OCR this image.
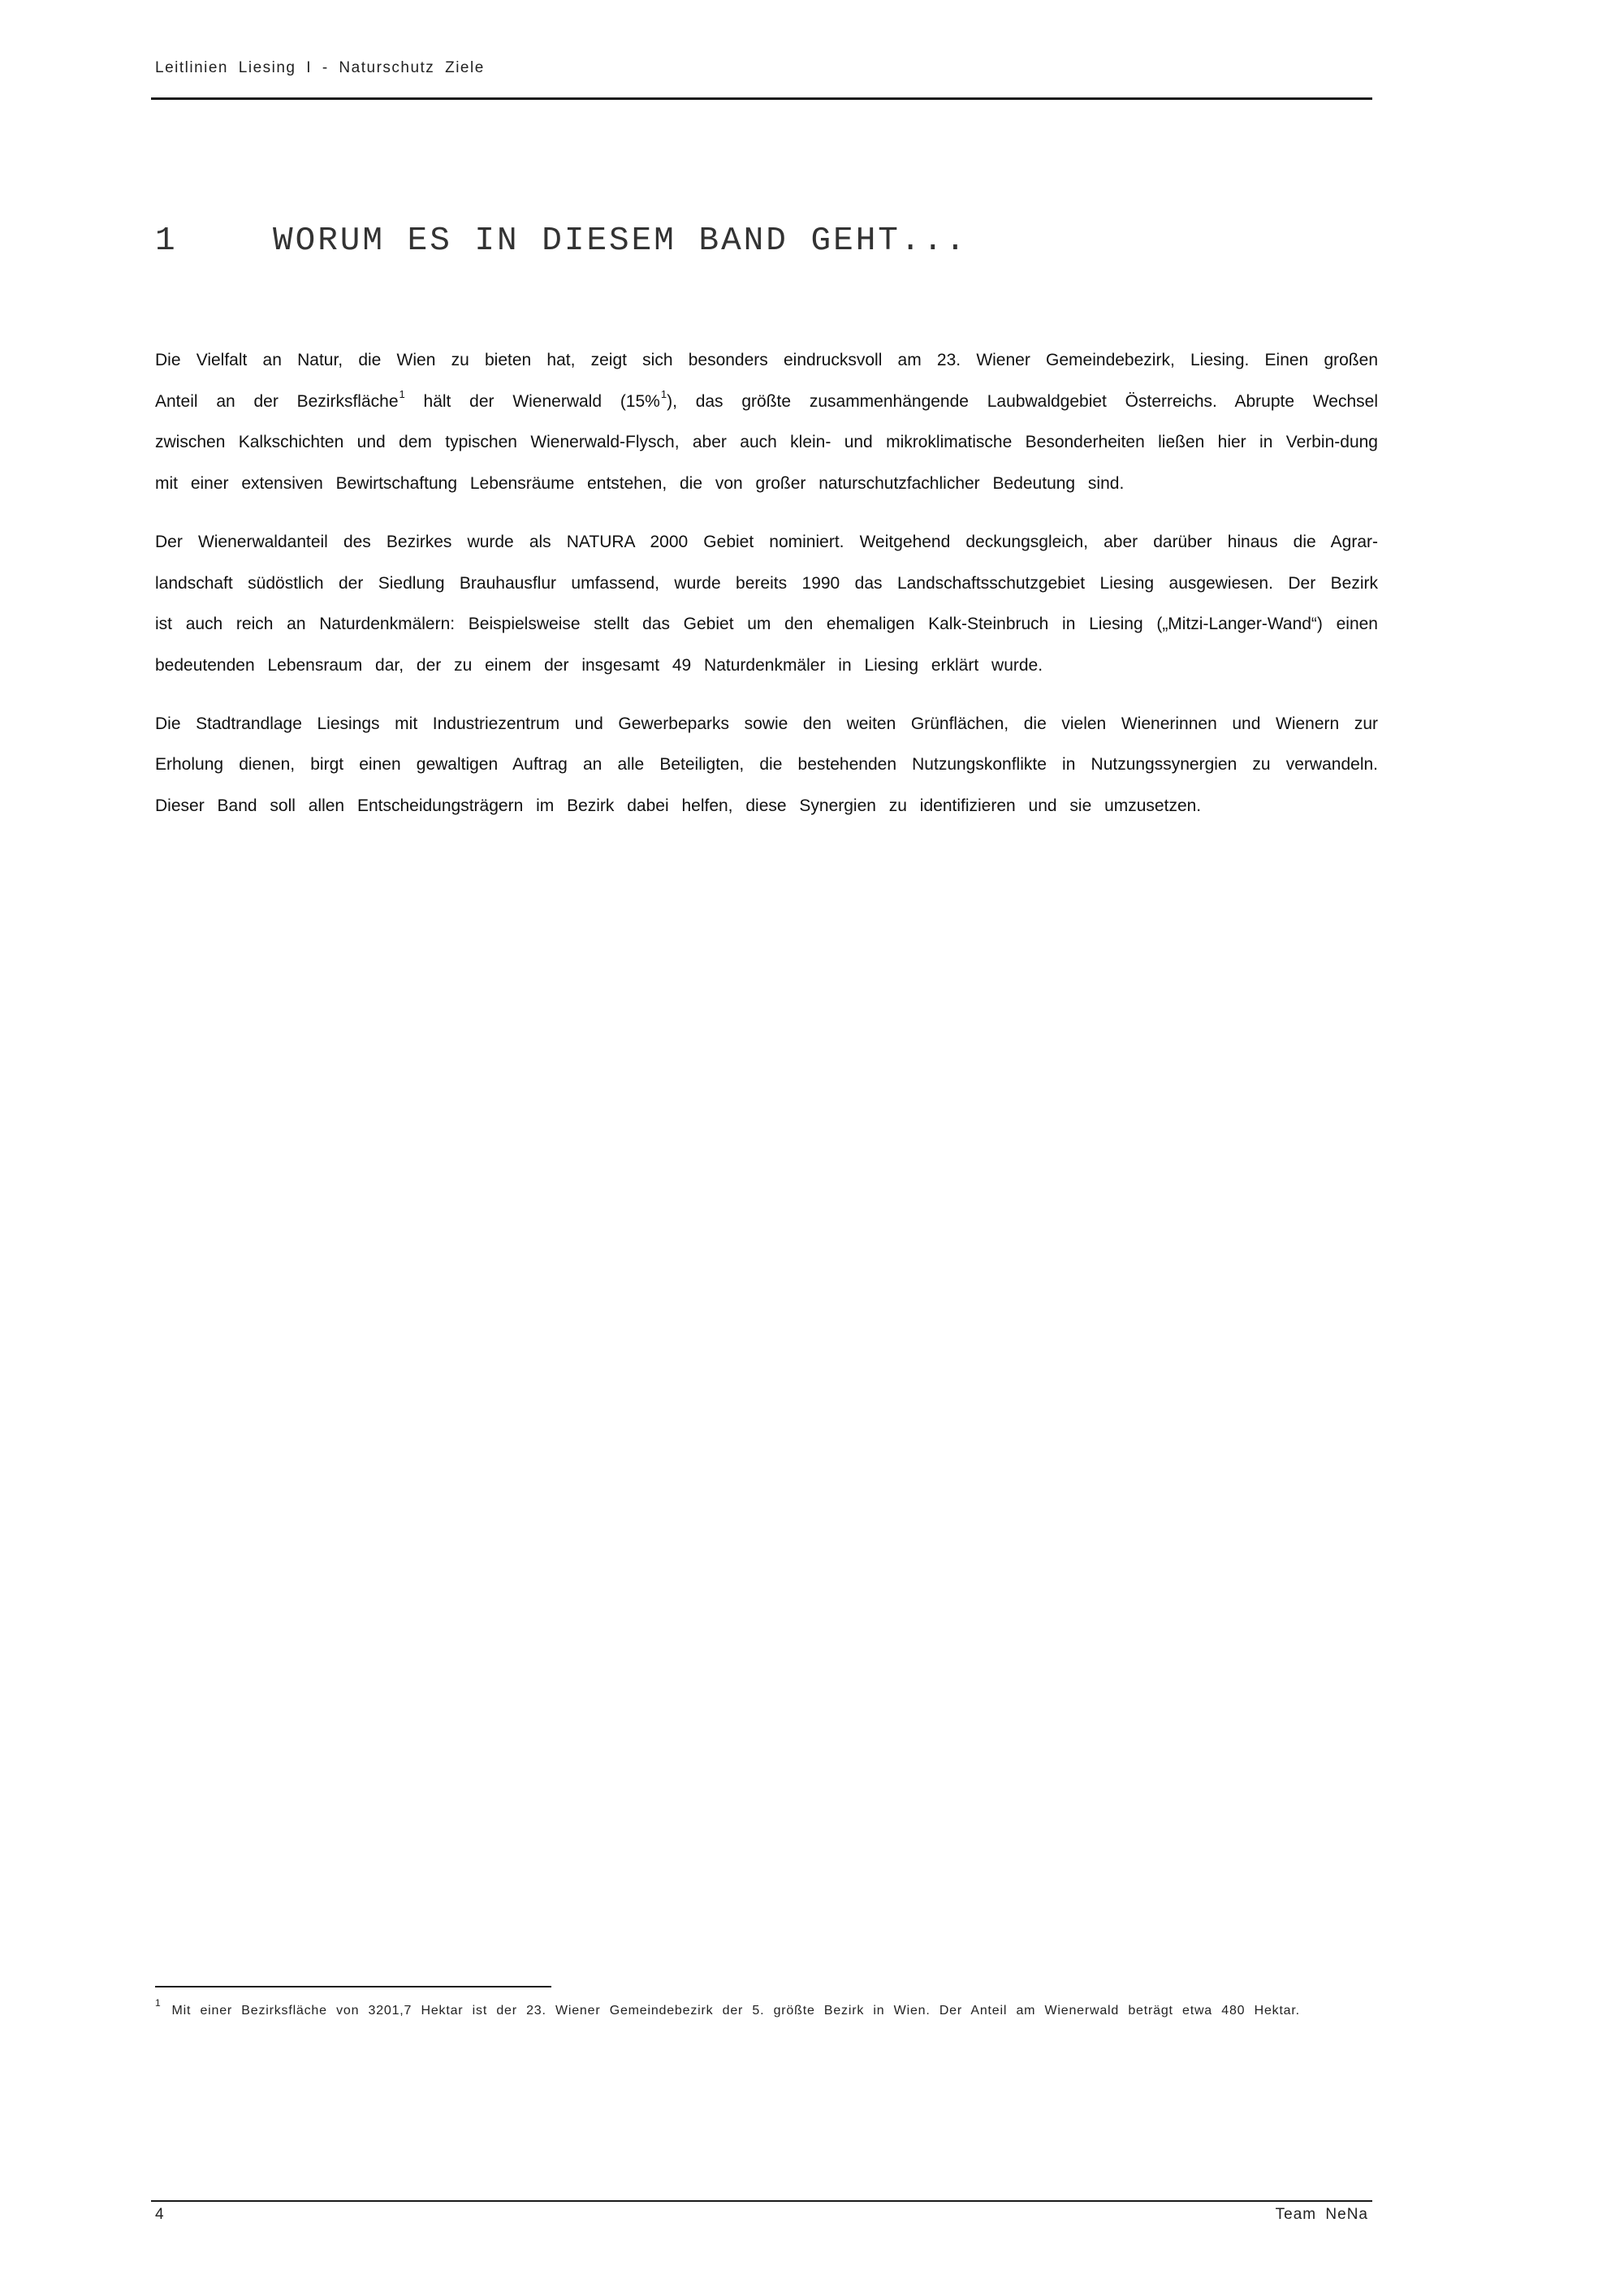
Leitlinien Liesing I - Naturschutz Ziele
1	WORUM ES IN DIESEM BAND GEHT...

Die Vielfalt an Natur, die Wien zu bieten hat, zeigt sich besonders eindrucksvoll am 23. Wiener Gemeindebezirk, Liesing. Einen großen Anteil an der Bezirksfläche$^1$ hält der Wienerwald (15%$^1$), das größte zusammenhängende Laubwaldgebiet Österreichs. Abrupte Wechsel zwischen Kalkschichten und dem typischen Wienerwald-Flysch, aber auch klein- und mikroklimatische Besonderheiten ließen hier in Verbin-dung mit einer extensiven Bewirtschaftung Lebensräume entstehen, die von großer naturschutzfachlicher Bedeutung sind.

Der Wienerwaldanteil des Bezirkes wurde als NATURA 2000 Gebiet nominiert. Weitgehend deckungsgleich, aber darüber hinaus die Agrar-landschaft südöstlich der Siedlung Brauhausflur umfassend, wurde bereits 1990 das Landschaftsschutzgebiet Liesing ausgewiesen. Der Bezirk ist auch reich an Naturdenkmälern: Beispielsweise stellt das Gebiet um den ehemaligen Kalk-Steinbruch in Liesing („Mitzi-Langer-Wand“) einen bedeutenden Lebensraum dar, der zu einem der insgesamt 49 Naturdenkmäler in Liesing erklärt wurde.

Die Stadtrandlage Liesings mit Industriezentrum und Gewerbeparks sowie den weiten Grünflächen, die vielen Wienerinnen und Wienern zur Erholung dienen, birgt einen gewaltigen Auftrag an alle Beteiligten, die bestehenden Nutzungskonflikte in Nutzungssynergien zu verwandeln. Dieser Band soll allen Entscheidungsträgern im Bezirk dabei helfen, diese Synergien zu identifizieren und sie umzusetzen.

1Mit einer Bezirksfläche von 3201,7 Hektar ist der 23. Wiener Gemeindebezirk der 5. größte Bezirk in Wien. Der Anteil am Wienerwald beträgt etwa 480 Hektar.
4	Team NeNa
